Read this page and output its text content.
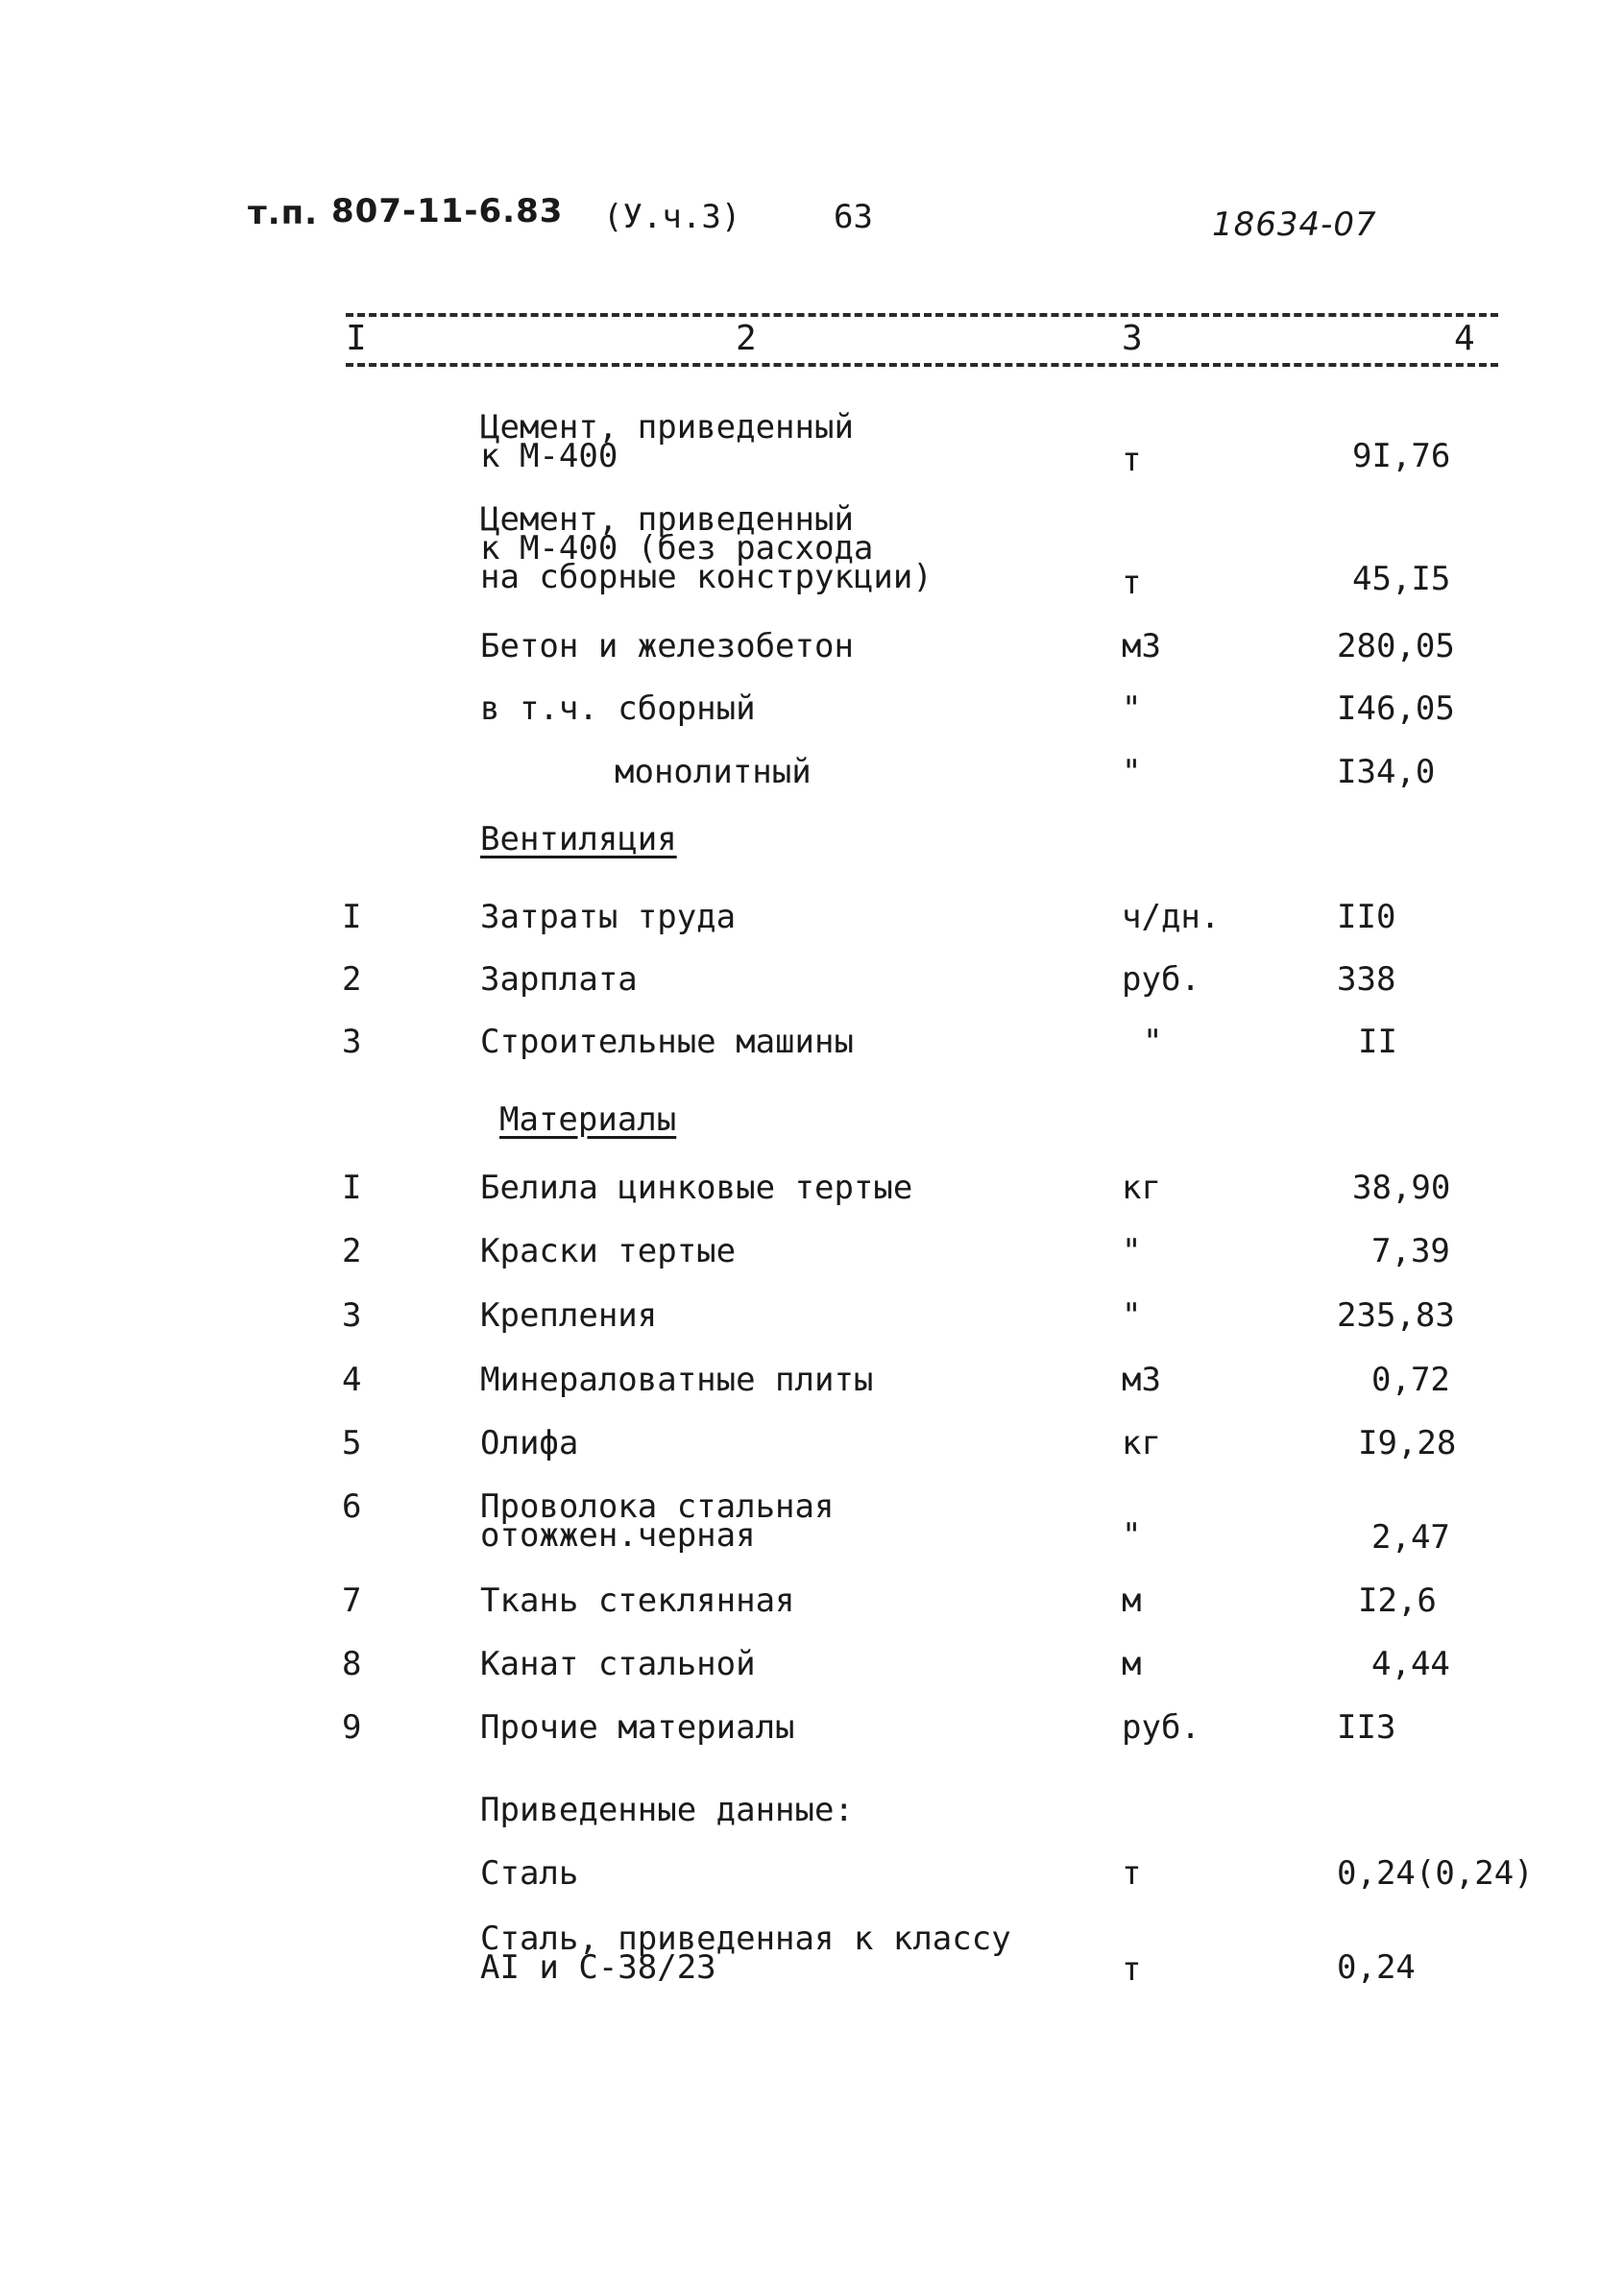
т.п. 807-11-6.83 (У.ч.3)	63	18634-07
I	2	3	4
Цемент, приведенный
к М-400	т	9I,76
Цемент, приведенный
к М-400 (без расхода
на сборные конструкции)	т	45,I5
Бетон и железобетон	м3	280,05
в т.ч. сборный	"	I46,05
монолитный	"	I34,0
Вентиляция
I	Затраты труда	ч/дн.	II0
2	Зарплата	руб.	338
3	Строительные машины	"	II
Материалы
I	Белила цинковые тертые	кг	38,90
2	Краски тертые	"	7,39
3	Крепления	"	235,83
4	Минераловатные плиты	м3	0,72
5	Олифа	кг	I9,28
6	Проволока стальная
отожжен.черная	"	2,47
7	Ткань стеклянная	м	I2,6
8	Канат стальной	м	4,44
9	Прочие материалы	руб.	II3
Приведенные данные:
Сталь	т	0,24(0,24)
Сталь, приведенная к классу
AI и С-38/23	т	0,24
